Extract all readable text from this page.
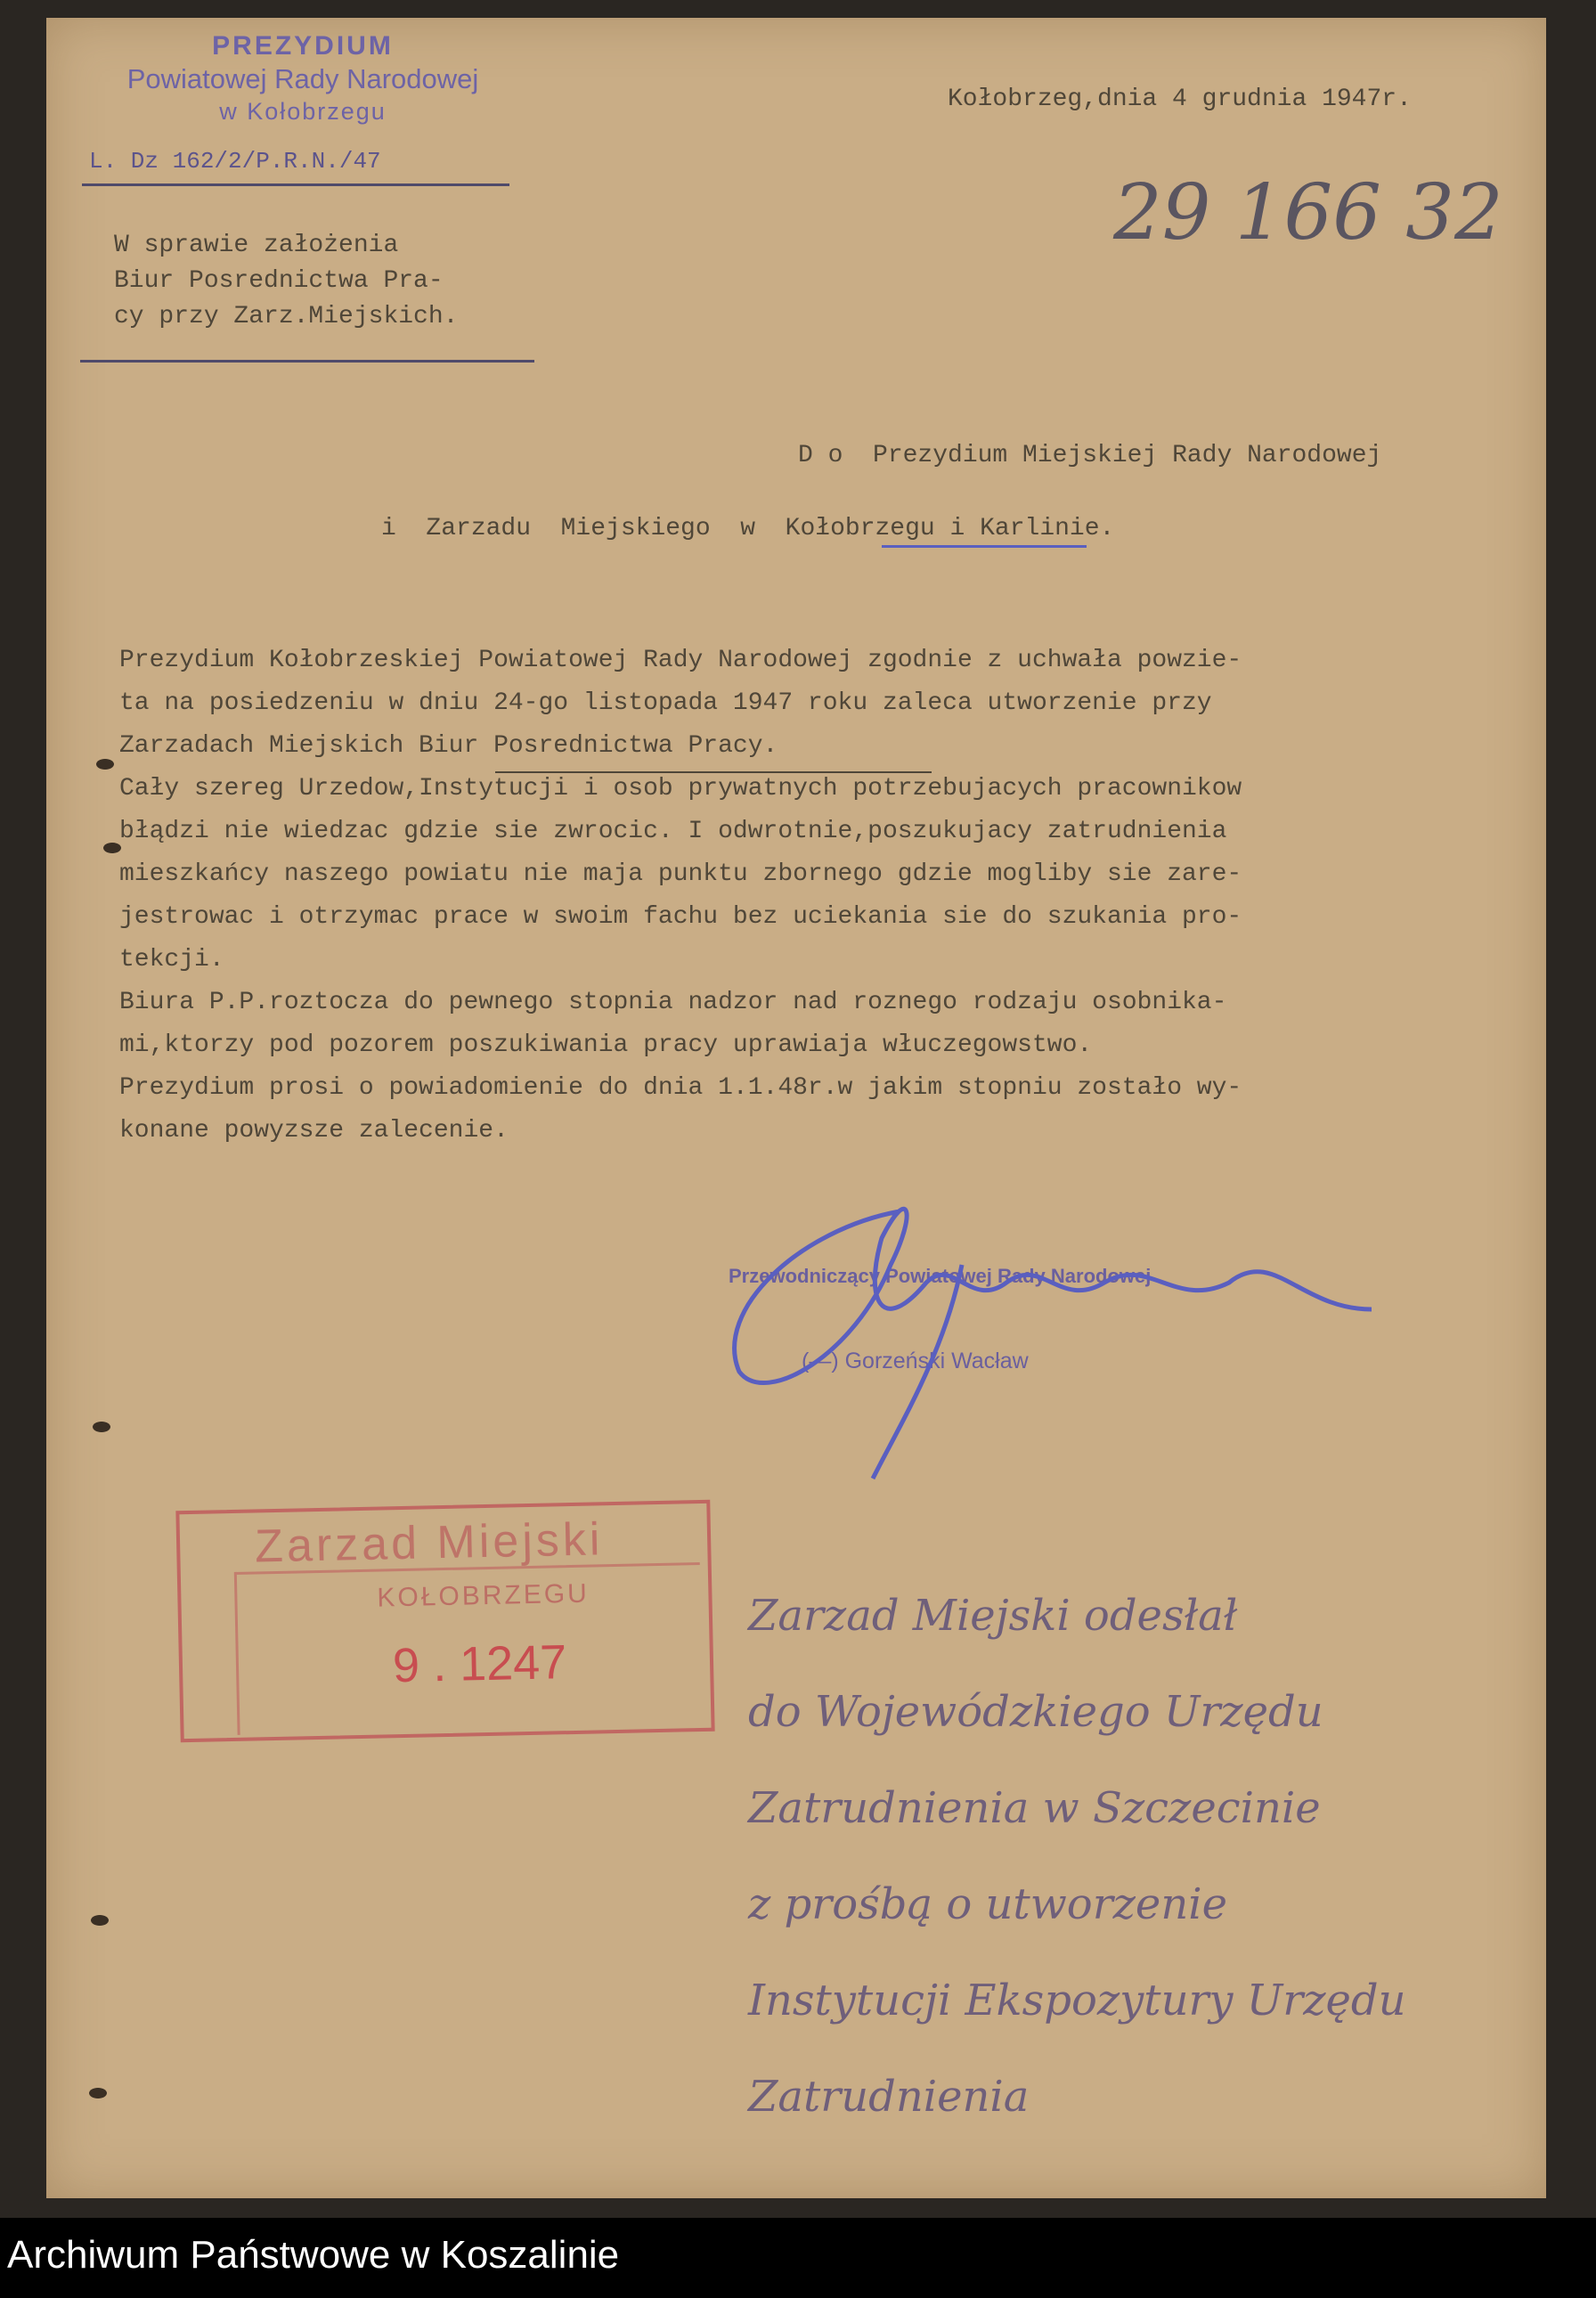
PREZYDIUM
Powiatowej Rady Narodowej
w Kołobrzegu
L. Dz 162/2/P.R.N./47
W sprawie założenia
Biur Posrednictwa Pra-
cy przy Zarz.Miejskich.
Kołobrzeg,dnia 4 grudnia 1947r.
29 166 32
D o  Prezydium Miejskiej Rady Narodowej
i  Zarzadu  Miejskiego  w  Kołobrzegu i Karlinie.
Prezydium Kołobrzeskiej Powiatowej Rady Narodowej zgodnie z uchwała powzie-
ta na posiedzeniu w dniu 24-go listopada 1947 roku zaleca utworzenie przy
Zarzadach Miejskich Biur Posrednictwa Pracy.
Cały szereg Urzedow,Instytucji i osob prywatnych potrzebujacych pracownikow
błądzi nie wiedzac gdzie sie zwrocic. I odwrotnie,poszukujacy zatrudnienia
mieszkańcy naszego powiatu nie maja punktu zbornego gdzie mogliby sie zare-
jestrowac i otrzymac prace w swoim fachu bez uciekania sie do szukania pro-
tekcji.
Biura P.P.roztocza do pewnego stopnia nadzor nad roznego rodzaju osobnika-
mi,ktorzy pod pozorem poszukiwania pracy uprawiaja włuczegowstwo.
Prezydium prosi o powiadomienie do dnia 1.1.48r.w jakim stopniu zostało wy-
konane powyzsze zalecenie.
Przewodniczący Powiatowej Rady Narodowej
(—) Gorzeński Wacław
Zarzad Miejski
KOŁOBRZEGU
9 . 1247
Zarzad Miejski odesłał
do Wojewódzkiego Urzędu
Zatrudnienia w Szczecinie
z prośbą o utworzenie
Instytucji Ekspozytury Urzędu
Zatrudnienia
Archiwum Państwowe w Koszalinie
